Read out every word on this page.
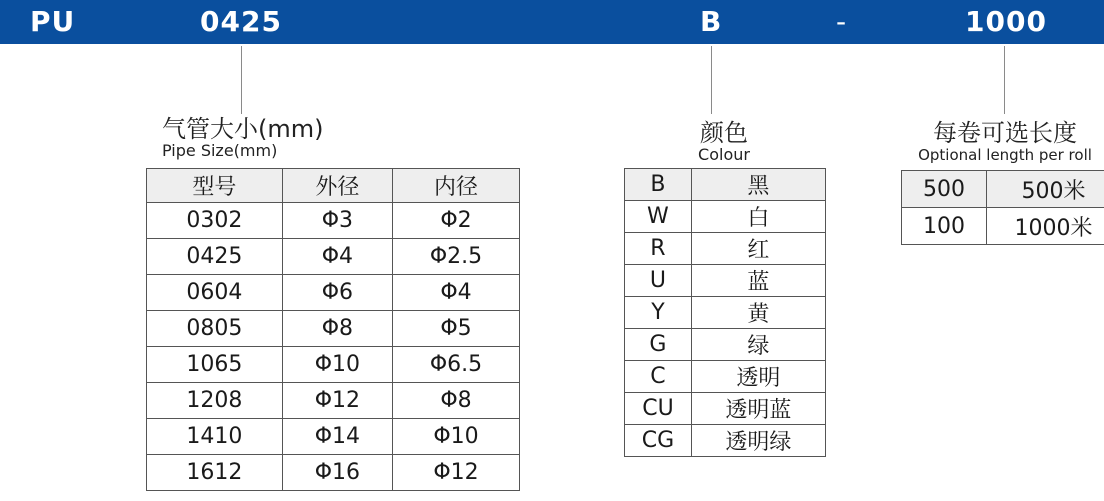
PU	0425	B	-	1000
气管大小(mm)
Pipe Size(mm)
型号	外径	内径
0302	Φ3	Φ2
0425	Φ4	Φ2.5
0604	Φ6	Φ4
0805	Φ8	Φ5
1065	Φ10	Φ6.5
1208	Φ12	Φ8
1410	Φ14	Φ10
1612	Φ16	Φ12
颜色
Colour
B	黑
W	白
R	红
U	蓝
Y	黄
G	绿
C	透明
CU	透明蓝
CG	透明绿
每卷可选长度
Optional length per roll
500	500米
100	1000米
